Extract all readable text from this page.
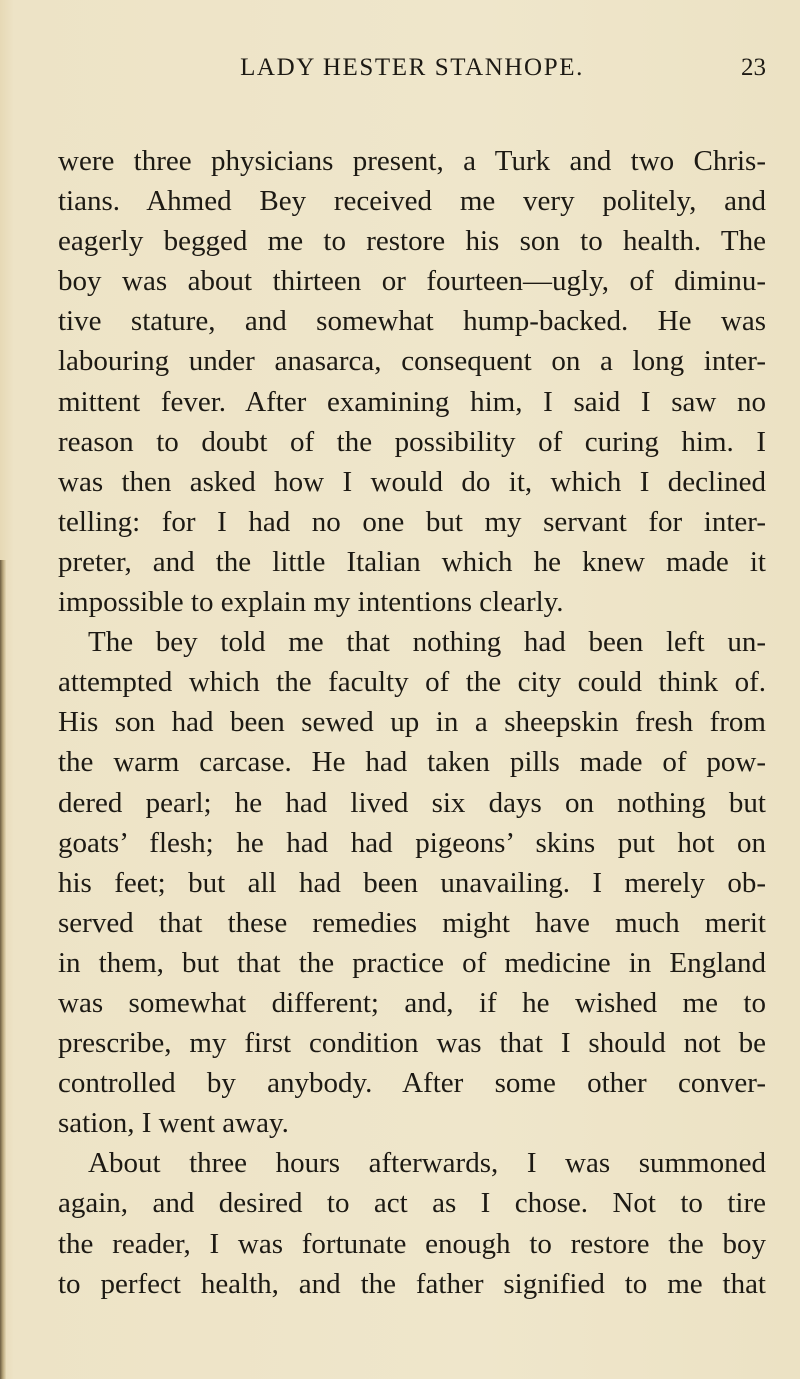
LADY HESTER STANHOPE.	23
were three physicians present, a Turk and two Chris-
tians. Ahmed Bey received me very politely, and
eagerly begged me to restore his son to health. The
boy was about thirteen or fourteen—ugly, of diminu-
tive stature, and somewhat hump-backed. He was
labouring under anasarca, consequent on a long inter-
mittent fever. After examining him, I said I saw no
reason to doubt of the possibility of curing him. I
was then asked how I would do it, which I declined
telling: for I had no one but my servant for inter-
preter, and the little Italian which he knew made it
impossible to explain my intentions clearly.
The bey told me that nothing had been left un-
attempted which the faculty of the city could think of.
His son had been sewed up in a sheepskin fresh from
the warm carcase. He had taken pills made of pow-
dered pearl; he had lived six days on nothing but
goats’ flesh; he had had pigeons’ skins put hot on
his feet; but all had been unavailing. I merely ob-
served that these remedies might have much merit
in them, but that the practice of medicine in England
was somewhat different; and, if he wished me to
prescribe, my first condition was that I should not be
controlled by anybody. After some other conver-
sation, I went away.
About three hours afterwards, I was summoned
again, and desired to act as I chose. Not to tire
the reader, I was fortunate enough to restore the boy
to perfect health, and the father signified to me that
